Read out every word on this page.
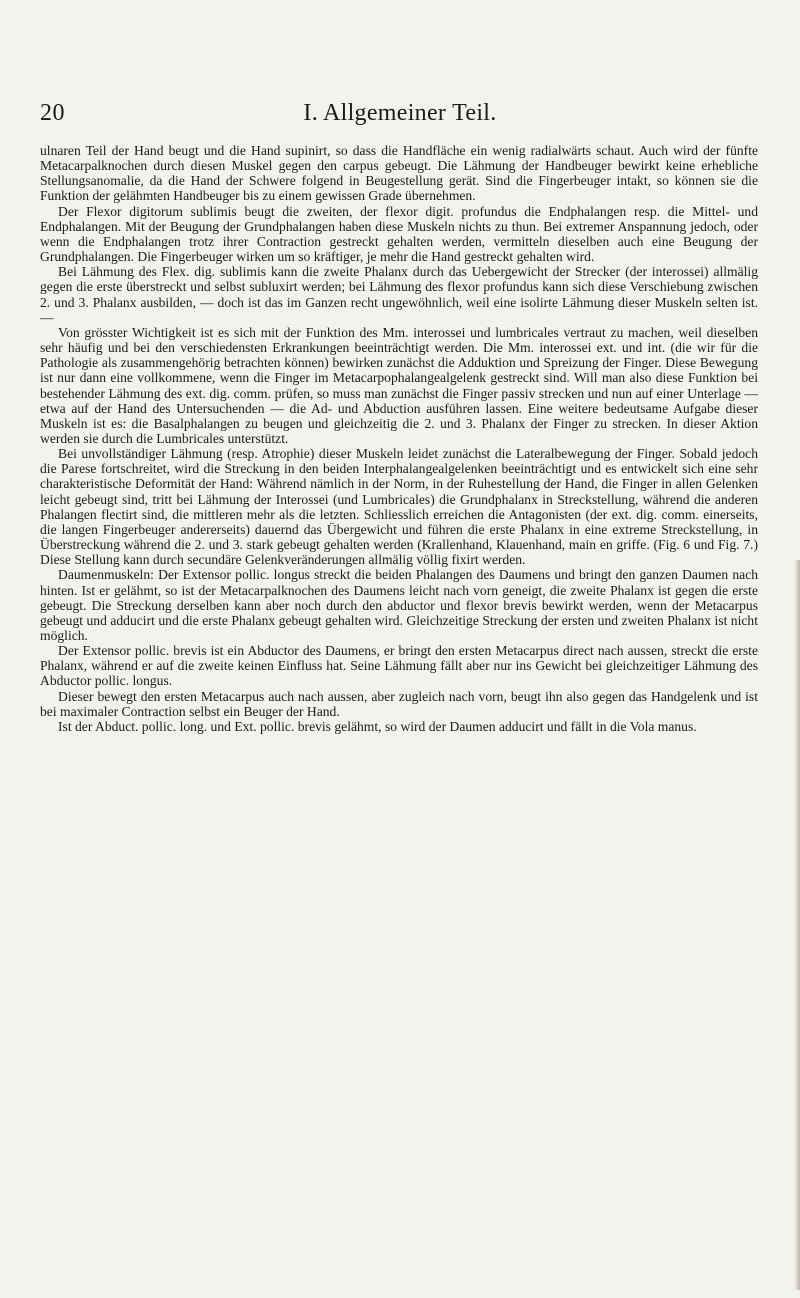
20	I. Allgemeiner Teil.

ulnaren Teil der Hand beugt und die Hand supinirt, so dass die Handfläche ein wenig radialwärts schaut. Auch wird der fünfte Metacarpalknochen durch diesen Muskel gegen den carpus gebeugt. Die Lähmung der Handbeuger bewirkt keine erhebliche Stellungsanomalie, da die Hand der Schwere folgend in Beugestellung gerät. Sind die Fingerbeuger intakt, so können sie die Funktion der gelähmten Handbeuger bis zu einem gewissen Grade übernehmen.

Der Flexor digitorum sublimis beugt die zweiten, der flexor digit. profundus die Endphalangen resp. die Mittel- und Endphalangen. Mit der Beugung der Grundphalangen haben diese Muskeln nichts zu thun. Bei extremer Anspannung jedoch, oder wenn die Endphalangen trotz ihrer Contraction gestreckt gehalten werden, vermitteln dieselben auch eine Beugung der Grundphalangen. Die Fingerbeuger wirken um so kräftiger, je mehr die Hand gestreckt gehalten wird.

Bei Lähmung des Flex. dig. sublimis kann die zweite Phalanx durch das Uebergewicht der Strecker (der interossei) allmälig gegen die erste überstreckt und selbst subluxirt werden; bei Lähmung des flexor profundus kann sich diese Verschiebung zwischen 2. und 3. Phalanx ausbilden, — doch ist das im Ganzen recht ungewöhnlich, weil eine isolirte Lähmung dieser Muskeln selten ist. —

Von grösster Wichtigkeit ist es sich mit der Funktion des Mm. interossei und lumbricales vertraut zu machen, weil dieselben sehr häufig und bei den verschiedensten Erkrankungen beeinträchtigt werden. Die Mm. interossei ext. und int. (die wir für die Pathologie als zusammengehörig betrachten können) bewirken zunächst die Adduktion und Spreizung der Finger. Diese Bewegung ist nur dann eine vollkommene, wenn die Finger im Metacarpophalangealgelenk gestreckt sind. Will man also diese Funktion bei bestehender Lähmung des ext. dig. comm. prüfen, so muss man zunächst die Finger passiv strecken und nun auf einer Unterlage — etwa auf der Hand des Untersuchenden — die Ad- und Abduction ausführen lassen. Eine weitere bedeutsame Aufgabe dieser Muskeln ist es: die Basalphalangen zu beugen und gleichzeitig die 2. und 3. Phalanx der Finger zu strecken. In dieser Aktion werden sie durch die Lumbricales unterstützt.

Bei unvollständiger Lähmung (resp. Atrophie) dieser Muskeln leidet zunächst die Lateralbewegung der Finger. Sobald jedoch die Parese fortschreitet, wird die Streckung in den beiden Interphalangealgelenken beeinträchtigt und es entwickelt sich eine sehr charakteristische Deformität der Hand: Während nämlich in der Norm, in der Ruhestellung der Hand, die Finger in allen Gelenken leicht gebeugt sind, tritt bei Lähmung der Interossei (und Lumbricales) die Grundphalanx in Streckstellung, während die anderen Phalangen flectirt sind, die mittleren mehr als die letzten. Schliesslich erreichen die Antagonisten (der ext. dig. comm. einerseits, die langen Fingerbeuger andererseits) dauernd das Übergewicht und führen die erste Phalanx in eine extreme Streckstellung, in Überstreckung während die 2. und 3. stark gebeugt gehalten werden (Krallenhand, Klauenhand, main en griffe. (Fig. 6 und Fig. 7.) Diese Stellung kann durch secundäre Gelenkveränderungen allmälig völlig fixirt werden.

Daumenmuskeln: Der Extensor pollic. longus streckt die beiden Phalangen des Daumens und bringt den ganzen Daumen nach hinten. Ist er gelähmt, so ist der Metacarpalknochen des Daumens leicht nach vorn geneigt, die zweite Phalanx ist gegen die erste gebeugt. Die Streckung derselben kann aber noch durch den abductor und flexor brevis bewirkt werden, wenn der Metacarpus gebeugt und adducirt und die erste Phalanx gebeugt gehalten wird. Gleichzeitige Streckung der ersten und zweiten Phalanx ist nicht möglich.

Der Extensor pollic. brevis ist ein Abductor des Daumens, er bringt den ersten Metacarpus direct nach aussen, streckt die erste Phalanx, während er auf die zweite keinen Einfluss hat. Seine Lähmung fällt aber nur ins Gewicht bei gleichzeitiger Lähmung des Abductor pollic. longus.

Dieser bewegt den ersten Metacarpus auch nach aussen, aber zugleich nach vorn, beugt ihn also gegen das Handgelenk und ist bei maximaler Contraction selbst ein Beuger der Hand.

Ist der Abduct. pollic. long. und Ext. pollic. brevis gelähmt, so wird der Daumen adducirt und fällt in die Vola manus.
